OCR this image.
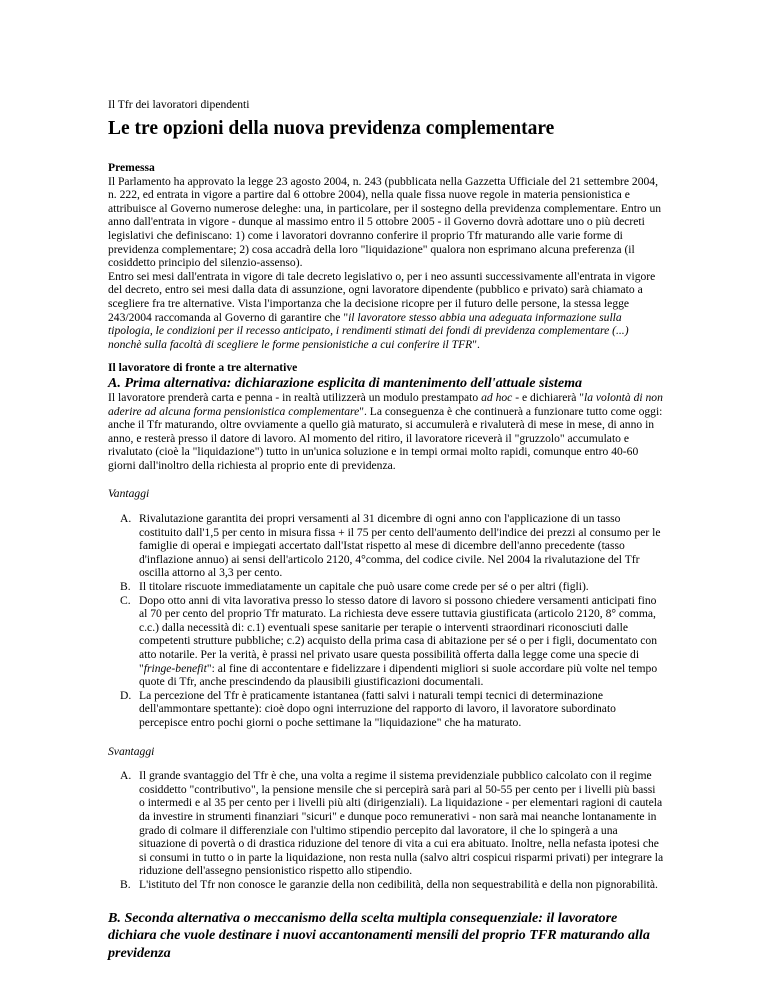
Il Tfr dei lavoratori dipendenti
Le tre opzioni della nuova previdenza complementare
Premessa

Il Parlamento ha approvato la legge 23 agosto 2004, n. 243 (pubblicata nella Gazzetta Ufficiale del 21 settembre 2004, n. 222, ed entrata in vigore a partire dal 6 ottobre 2004), nella quale fissa nuove regole in materia pensionistica e attribuisce al Governo numerose deleghe: una, in particolare, per il sostegno della previdenza complementare. Entro un anno dall'entrata in vigore - dunque al massimo entro il 5 ottobre 2005 - il Governo dovrà adottare uno o più decreti legislativi che definiscano: 1) come i lavoratori dovranno conferire il proprio Tfr maturando alle varie forme di previdenza complementare; 2) cosa accadrà della loro "liquidazione" qualora non esprimano alcuna preferenza (il cosiddetto principio del silenzio-assenso).

Entro sei mesi dall'entrata in vigore di tale decreto legislativo o, per i neo assunti successivamente all'entrata in vigore del decreto, entro sei mesi dalla data di assunzione, ogni lavoratore dipendente (pubblico e privato) sarà chiamato a scegliere fra tre alternative. Vista l'importanza che la decisione ricopre per il futuro delle persone, la stessa legge 243/2004 raccomanda al Governo di garantire che "il lavoratore stesso abbia una adeguata informazione sulla tipologia, le condizioni per il recesso anticipato, i rendimenti stimati dei fondi di previdenza complementare (...) nonchè sulla facoltà di scegliere le forme pensionistiche a cui conferire il TFR".

Il lavoratore di fronte a tre alternative
A. Prima alternativa: dichiarazione esplicita di mantenimento dell'attuale sistema

Il lavoratore prenderà carta e penna - in realtà utilizzerà un modulo prestampato ad hoc - e dichiarerà "la volontà di non aderire ad alcuna forma pensionistica complementare". La conseguenza è che continuerà a funzionare tutto come oggi: anche il Tfr maturando, oltre ovviamente a quello già maturato, si accumulerà e rivaluterà di mese in mese, di anno in anno, e resterà presso il datore di lavoro. Al momento del ritiro, il lavoratore riceverà il "gruzzolo" accumulato e rivalutato (cioè la "liquidazione") tutto in un'unica soluzione e in tempi ormai molto rapidi, comunque entro 40-60 giorni dall'inoltro della richiesta al proprio ente di previdenza.

Vantaggi
A. Rivalutazione garantita dei propri versamenti al 31 dicembre di ogni anno con l'applicazione di un tasso costituito dall'1,5 per cento in misura fissa + il 75 per cento dell'aumento dell'indice dei prezzi al consumo per le famiglie di operai e impiegati accertato dall'Istat rispetto al mese di dicembre dell'anno precedente (tasso d'inflazione annuo) ai sensi dell'articolo 2120, 4°comma, del codice civile. Nel 2004 la rivalutazione del Tfr oscilla attorno al 3,3 per cento.
B. Il titolare riscuote immediatamente un capitale che può usare come crede per sé o per altri (figli).
C. Dopo otto anni di vita lavorativa presso lo stesso datore di lavoro si possono chiedere versamenti anticipati fino al 70 per cento del proprio Tfr maturato. La richiesta deve essere tuttavia giustificata (articolo 2120, 8° comma, c.c.) dalla necessità di: c.1) eventuali spese sanitarie per terapie o interventi straordinari riconosciuti dalle competenti strutture pubbliche; c.2) acquisto della prima casa di abitazione per sé o per i figli, documentato con atto notarile. Per la verità, è prassi nel privato usare questa possibilità offerta dalla legge come una specie di "fringe-benefit": al fine di accontentare e fidelizzare i dipendenti migliori si suole accordare più volte nel tempo quote di Tfr, anche prescindendo da plausibili giustificazioni documentali.
D. La percezione del Tfr è praticamente istantanea (fatti salvi i naturali tempi tecnici di determinazione dell'ammontare spettante): cioè dopo ogni interruzione del rapporto di lavoro, il lavoratore subordinato percepisce entro pochi giorni o poche settimane la "liquidazione" che ha maturato.
Svantaggi
A. Il grande svantaggio del Tfr è che, una volta a regime il sistema previdenziale pubblico calcolato con il regime cosiddetto "contributivo", la pensione mensile che si percepirà sarà pari al 50-55 per cento per i livelli più bassi o intermedi e al 35 per cento per i livelli più alti (dirigenziali). La liquidazione - per elementari ragioni di cautela da investire in strumenti finanziari "sicuri" e dunque poco remunerativi - non sarà mai neanche lontanamente in grado di colmare il differenziale con l'ultimo stipendio percepito dal lavoratore, il che lo spingerà a una situazione di povertà o di drastica riduzione del tenore di vita a cui era abituato. Inoltre, nella nefasta ipotesi che si consumi in tutto o in parte la liquidazione, non resta nulla (salvo altri cospicui risparmi privati) per integrare la riduzione dell'assegno pensionistico rispetto allo stipendio.
B. L'istituto del Tfr non conosce le garanzie della non cedibilità, della non sequestrabilità e della non pignorabilità.
B. Seconda alternativa o meccanismo della scelta multipla consequenziale: il lavoratore dichiara che vuole destinare i nuovi accantonamenti mensili del proprio TFR maturando alla previdenza
